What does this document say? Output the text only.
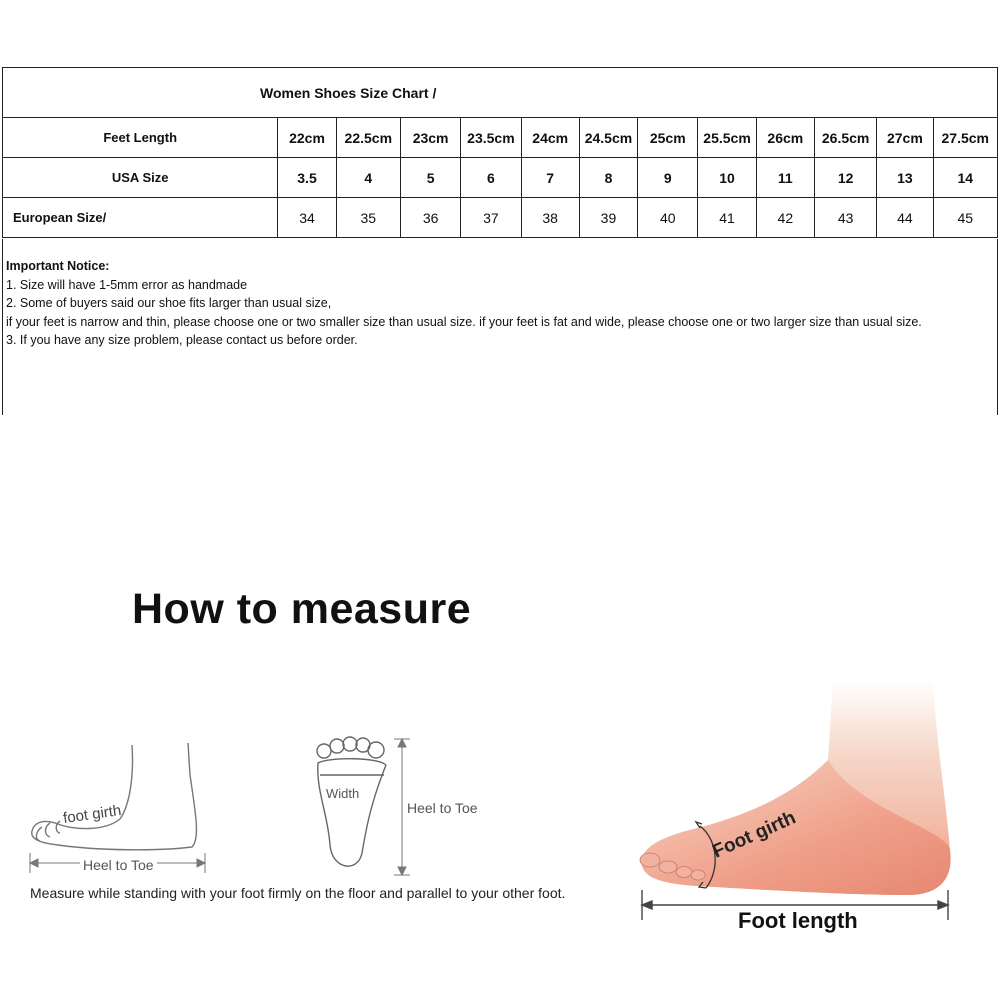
Women Shoes Size Chart /												
Feet Length	22cm	22.5cm	23cm	23.5cm	24cm	24.5cm	25cm	25.5cm	26cm	26.5cm	27cm	27.5cm
USA Size	3.5	4	5	6	7	8	9	10	11	12	13	14
European Size/	34	35	36	37	38	39	40	41	42	43	44	45

Important Notice:

1. Size will have 1-5mm error as handmade

2. Some of buyers said our shoe fits larger than usual size,

if your feet is narrow and thin, please choose one or two smaller size than usual size. if your feet is fat and wide, please choose one or two larger size than usual size.

3. If you have any size problem, please contact us before order.

How to measure
foot girth
Heel to Toe
Width
Heel to Toe
Measure while standing with your foot firmly on the floor and parallel to your other foot.
Foot girth
Foot length
